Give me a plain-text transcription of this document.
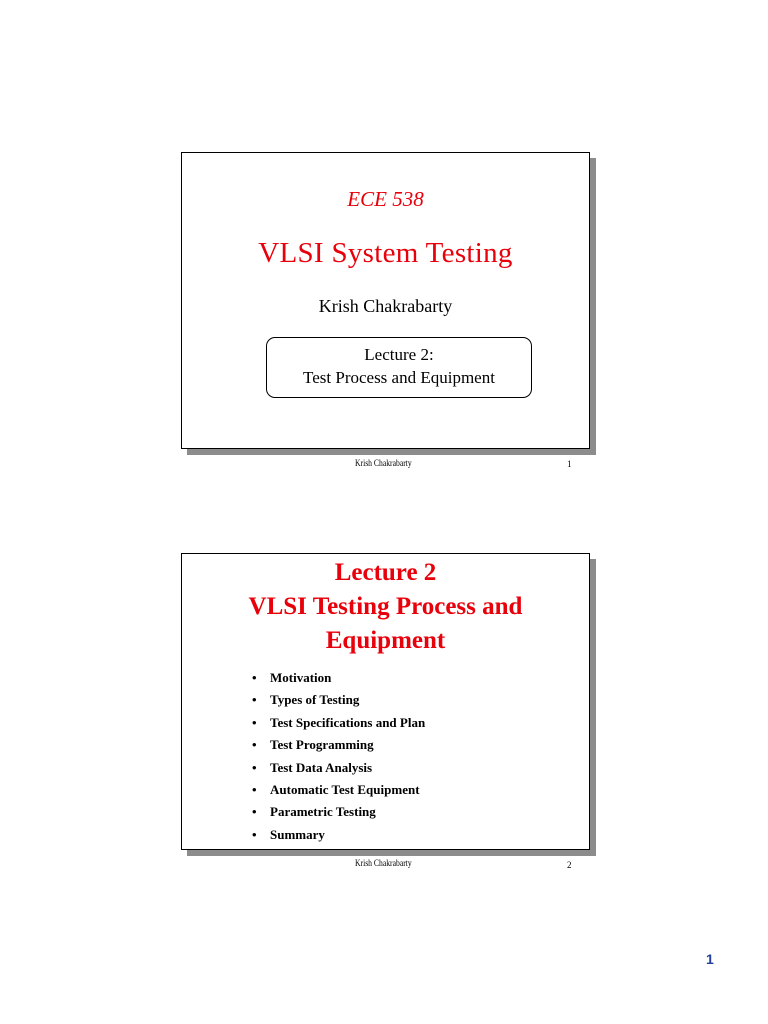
ECE 538
VLSI System Testing
Krish Chakrabarty
Lecture 2:
Test Process and Equipment
Krish Chakrabarty	1
Lecture 2
VLSI Testing Process and
Equipment
• Motivation
• Types of Testing
• Test Specifications and Plan
• Test Programming
• Test Data Analysis
• Automatic Test Equipment
• Parametric Testing
• Summary
Krish Chakrabarty	2
1
